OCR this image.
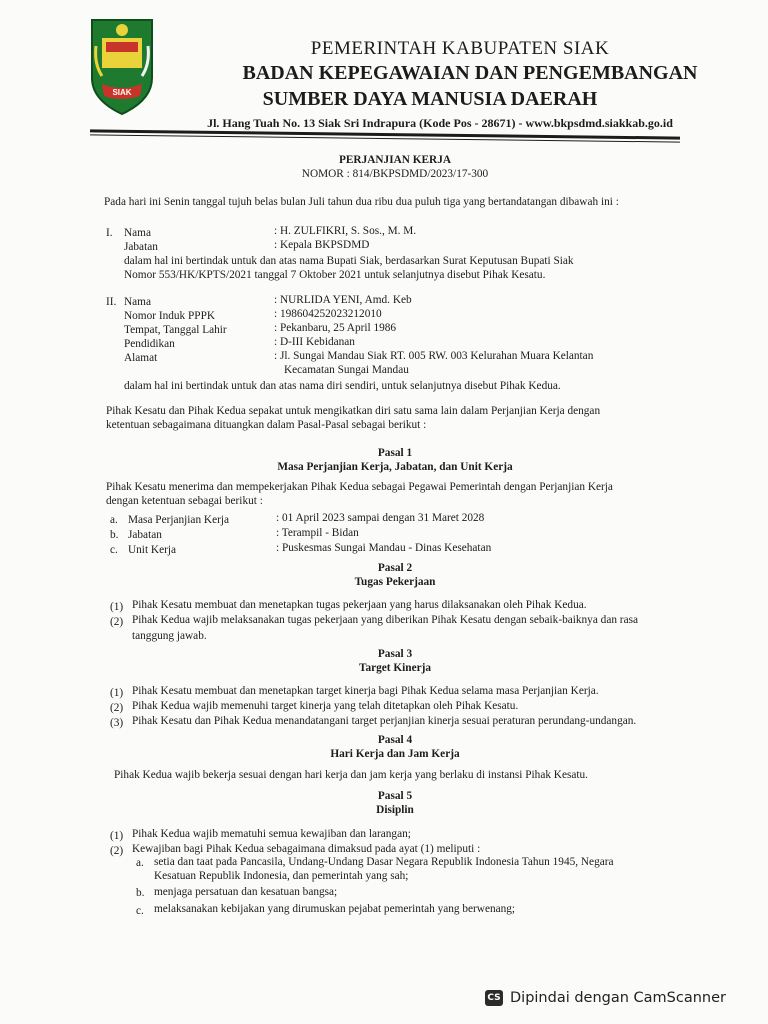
SIAK
PEMERINTAH KABUPATEN SIAK
BADAN KEPEGAWAIAN DAN PENGEMBANGAN
SUMBER DAYA MANUSIA DAERAH
Jl. Hang Tuah No. 13 Siak Sri Indrapura (Kode Pos - 28671) - www.bkpsdmd.siakkab.go.id
PERJANJIAN KERJA
NOMOR : 814/BKPSDMD/2023/17-300
Pada hari ini Senin tanggal tujuh belas bulan Juli tahun dua ribu dua puluh tiga yang bertandatangan dibawah ini :
I. Nama	: H. ZULFIKRI, S. Sos., M. M.
Jabatan	: Kepala BKPSDMD
dalam hal ini bertindak untuk dan atas nama Bupati Siak, berdasarkan Surat Keputusan Bupati Siak
Nomor 553/HK/KPTS/2021 tanggal 7 Oktober 2021 untuk selanjutnya disebut Pihak Kesatu.
II. Nama	: NURLIDA YENI, Amd. Keb
Nomor Induk PPPK	: 198604252023212010
Tempat, Tanggal Lahir	: Pekanbaru, 25 April 1986
Pendidikan	: D-III Kebidanan
Alamat	: Jl. Sungai Mandau Siak RT. 005 RW. 003 Kelurahan Muara Kelantan
Kecamatan Sungai Mandau
dalam hal ini bertindak untuk dan atas nama diri sendiri, untuk selanjutnya disebut Pihak Kedua.
Pihak Kesatu dan Pihak Kedua sepakat untuk mengikatkan diri satu sama lain dalam Perjanjian Kerja dengan
ketentuan sebagaimana dituangkan dalam Pasal-Pasal sebagai berikut :
Pasal 1
Masa Perjanjian Kerja, Jabatan, dan Unit Kerja
Pihak Kesatu menerima dan mempekerjakan Pihak Kedua sebagai Pegawai Pemerintah dengan Perjanjian Kerja
dengan ketentuan sebagai berikut :
a. Masa Perjanjian Kerja	: 01 April 2023 sampai dengan 31 Maret 2028
b. Jabatan	: Terampil - Bidan
c. Unit Kerja	: Puskesmas Sungai Mandau - Dinas Kesehatan
Pasal 2
Tugas Pekerjaan
(1) Pihak Kesatu membuat dan menetapkan tugas pekerjaan yang harus dilaksanakan oleh Pihak Kedua.
(2) Pihak Kedua wajib melaksanakan tugas pekerjaan yang diberikan Pihak Kesatu dengan sebaik-baiknya dan rasa
tanggung jawab.
Pasal 3
Target Kinerja
(1) Pihak Kesatu membuat dan menetapkan target kinerja bagi Pihak Kedua selama masa Perjanjian Kerja.
(2) Pihak Kedua wajib memenuhi target kinerja yang telah ditetapkan oleh Pihak Kesatu.
(3) Pihak Kesatu dan Pihak Kedua menandatangani target perjanjian kinerja sesuai peraturan perundang-undangan.
Pasal 4
Hari Kerja dan Jam Kerja
Pihak Kedua wajib bekerja sesuai dengan hari kerja dan jam kerja yang berlaku di instansi Pihak Kesatu.
Pasal 5
Disiplin
(1) Pihak Kedua wajib mematuhi semua kewajiban dan larangan;
(2) Kewajiban bagi Pihak Kedua sebagaimana dimaksud pada ayat (1) meliputi :
a. setia dan taat pada Pancasila, Undang-Undang Dasar Negara Republik Indonesia Tahun 1945, Negara
Kesatuan Republik Indonesia, dan pemerintah yang sah;
b. menjaga persatuan dan kesatuan bangsa;
c. melaksanakan kebijakan yang dirumuskan pejabat pemerintah yang berwenang;
CS Dipindai dengan CamScanner
